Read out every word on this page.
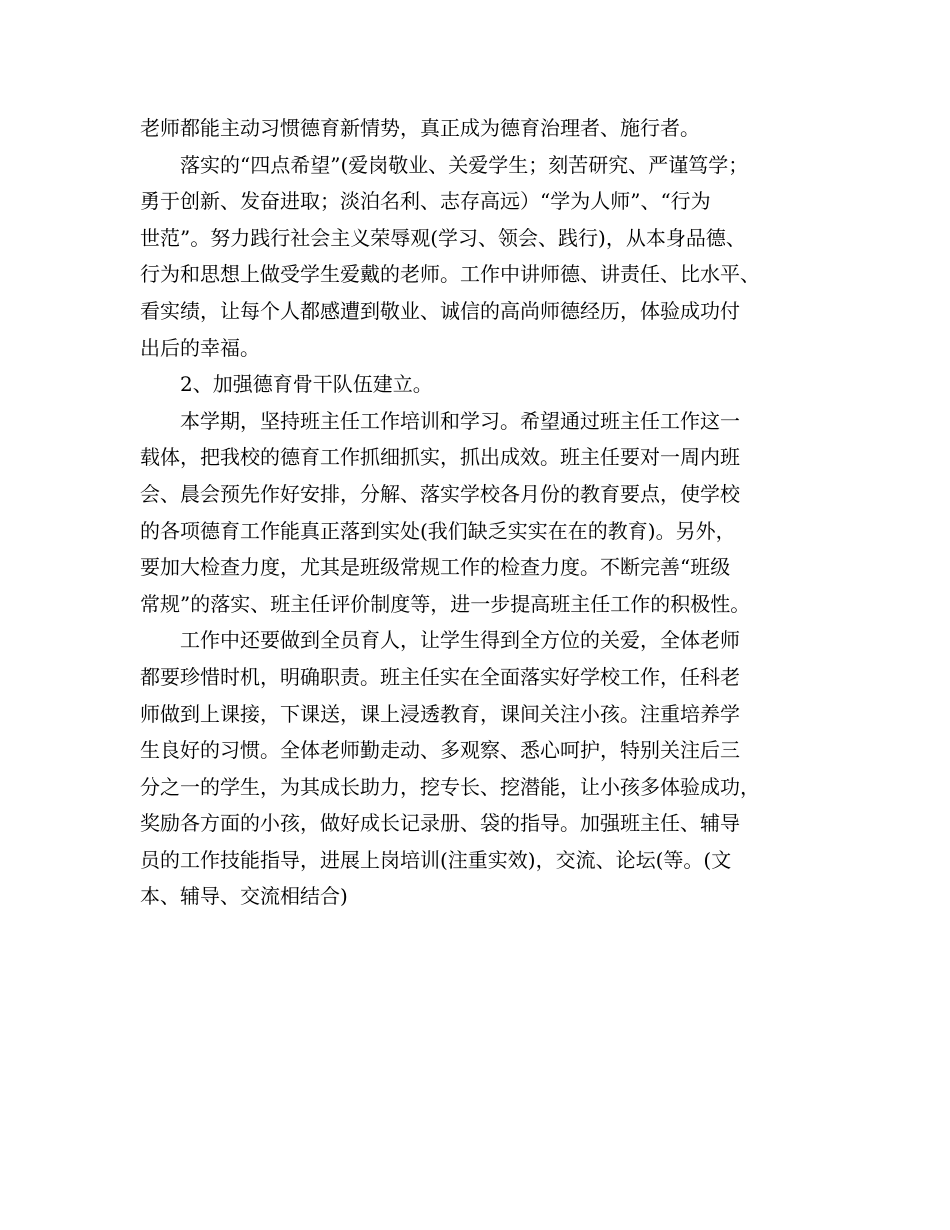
老师都能主动习惯德育新情势，真正成为德育治理者、施行者。
　　落实的“四点希望”(爱岗敬业、关爱学生；刻苦研究、严谨笃学；
勇于创新、发奋进取；淡泊名利、志存高远）“学为人师”、“行为
世范”。努力践行社会主义荣辱观(学习、领会、践行)，从本身品德、
行为和思想上做受学生爱戴的老师。工作中讲师德、讲责任、比水平、
看实绩，让每个人都感遭到敬业、诚信的高尚师德经历，体验成功付
出后的幸福。
　　2、加强德育骨干队伍建立。
　　本学期，坚持班主任工作培训和学习。希望通过班主任工作这一
载体，把我校的德育工作抓细抓实，抓出成效。班主任要对一周内班
会、晨会预先作好安排，分解、落实学校各月份的教育要点，使学校
的各项德育工作能真正落到实处(我们缺乏实实在在的教育)。另外，
要加大检查力度，尤其是班级常规工作的检查力度。不断完善“班级
常规”的落实、班主任评价制度等，进一步提高班主任工作的积极性。
　　工作中还要做到全员育人，让学生得到全方位的关爱，全体老师
都要珍惜时机，明确职责。班主任实在全面落实好学校工作，任科老
师做到上课接，下课送，课上浸透教育，课间关注小孩。注重培养学
生良好的习惯。全体老师勤走动、多观察、悉心呵护，特别关注后三
分之一的学生，为其成长助力，挖专长、挖潜能，让小孩多体验成功，
奖励各方面的小孩，做好成长记录册、袋的指导。加强班主任、辅导
员的工作技能指导，进展上岗培训(注重实效)，交流、论坛(等。(文
本、辅导、交流相结合)
